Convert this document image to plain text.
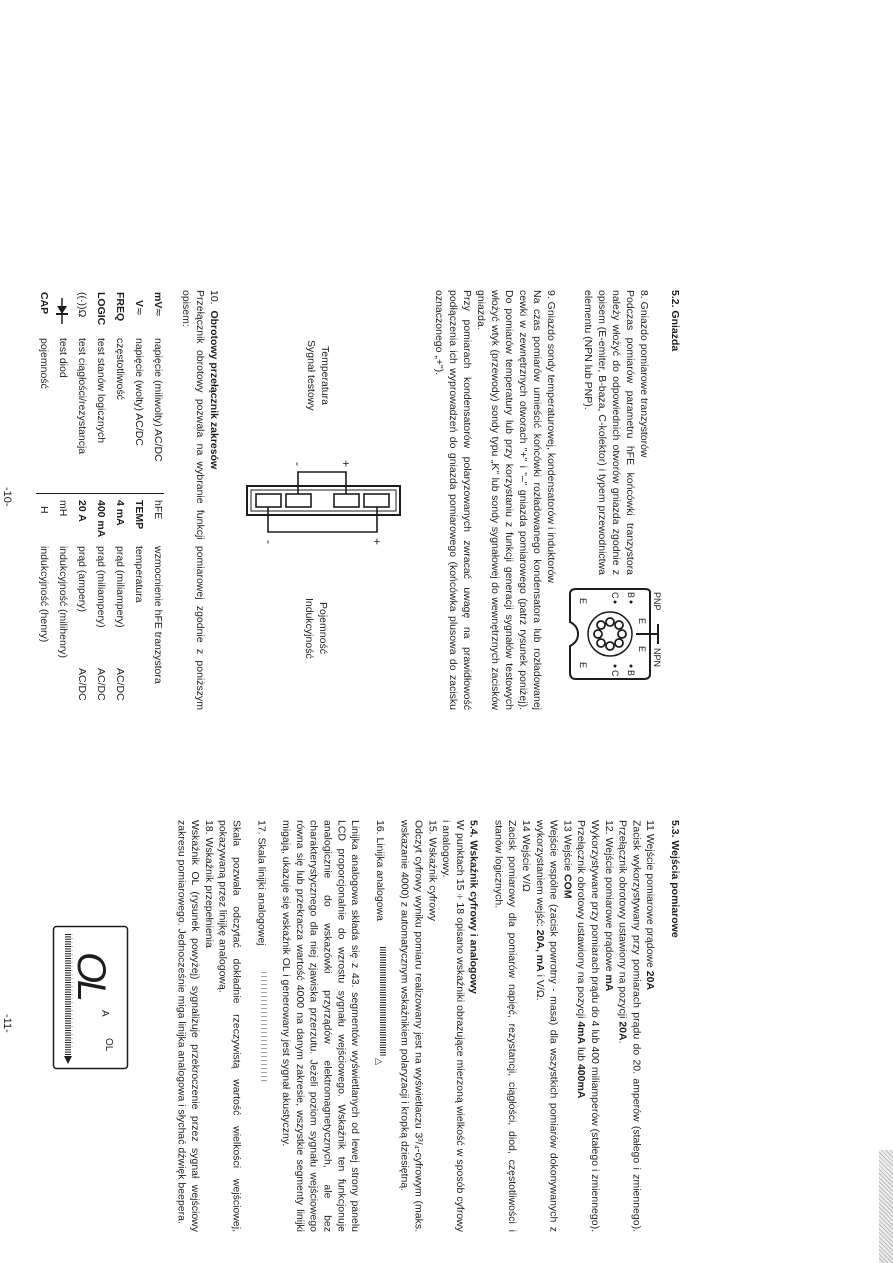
5.2. Gniazda
8. Gniazdo pomiarowe tranzystorów
Podczas pomiarów parametru hFE końcówki tranzystora należy włożyć do odpowiednich otworów gniazda zgodnie z opisem (E-emiter, B-baza, C-kolektor) i typem przewodnictwa elementu (NPN lub PNP).
9. Gniazdo sondy temperaturowej, kondensatorów i induktorów
Na czas pomiarów umieścić końcówki rozładowanego kondensatora lub rozładowanej cewki w zewnętrznych otworach "+" i "–" gniazda pomiarowego (patrz rysunek poniżej). Do pomiarów temperatury lub przy korzystaniu z funkcji generacji sygnałów testowych włożyć wtyk (przewody) sondy typu „K" lub sondy sygnałowej do wewnętrznych zacisków gniazda.
Przy pomiarach kondensatorów polaryzowanych zwracać uwagę na prawidłowość podłączenia ich wyprowadzeń do gniazda pomiarowego (końcówka plusowa do zacisku oznaczonego „+").
PNP
NPN
E
E
B
C
B
C
E
E
Temperatura
Sygnał testowy
Pojemność
Indukcyjność
-	+
-	+
10.  Obrotowy przełącznik zakresów
Przełącznik obrotowy pozwala na wybranie funkcji pomiarowej zgodnie z poniższym opisem:
mV≂
napięcie (miliwolty) AC/DC
V≂
napięcie (wolty) AC/DC
FREQ
częstotliwość
LOGIC
test stanów logicznych
((·))Ω
test ciągłości/rezystancja
test diod
CAP
pojemność
hFE
wzmocnienie hFE tranzystora
TEMP
temperatura
4 mA
prąd (miliampery)
AC/DC
400 mA
prąd (miliampery)
AC/DC
20 A
prąd (ampery)
AC/DC
mH
indukcyjność (milihenry)
H
indukcyjność (henry)
-10-
5.3. Wejścia pomiarowe
11 Wejście pomiarowe prądowe 20A
Zacisk wykorzystywany przy pomiarach prądu do 20. amperów (stałego i zmiennego). Przełącznik obrotowy ustawiony na pozycji 20A.
12. Wejście pomiarowe prądowe mA
Wykorzystywane przy pomiarach prądu do 4 lub 400 miliamperów (stałego i zmiennego). Przełącznik obrotowy ustawiony na pozycji 4mA lub 400mA
13 Wejście COM
Wejście wspólne (zacisk powrotny - masa) dla wszystkich pomiarów dokonywanych z wykorzystaniem wejść: 20A, mA i V/Ω.
14 Wejście V/Ω
Zacisk pomiarowy dla pomiarów napięć, rezystancji, ciągłości, diod, częstotliwości i stanów logicznych.
5.4. Wskaźnik cyfrowy i analogowy
W punktach 15÷18 opisano wskaźniki obrazujące mierzoną wielkość w sposób cyfrowy i analogowy.
15. Wskaźnik cyfrowy
Odczyt cyfrowy wyniku pomiaru realizowany jest na wyświetlaczu 3³/₄-cyfrowym (maks. wskazanie 4000) z automatycznym wskaźnikiem polaryzacji i kropką dziesiętną.
16. Linijka analogowa▷
Linijka analogowa składa się z 43. segmentów wyświetlanych od lewej strony panelu LCD proporcjonalnie do wzrostu sygnału wejściowego. Wskaźnik ten funkcjonuje analogicznie do wskazówki przyrządów elektromagnetycznych, ale bez charakterystycznego dla niej zjawiska przerzutu. Jeżeli poziom sygnału wejściowego równa się lub przekracza wartość 4000 na danym zakresie, wszystkie segmenty linijki migają, ukazuje się wskaźnik OL i generowany jest sygnał akustyczny.
17. Skala linijki analogowej
Skala pozwala odczytać dokładnie rzeczywistą wartość wielkości wejściowej, pokazywaną przez linijkę analogową.
18. Wskaźnik przepełnienia
Wskaźnik OL (rysunek powyżej) sygnalizuje przekroczenie przez sygnał wejściowy zakresu pomiarowego. Jednocześnie miga linijka analogowa i słychać dźwięk beepera.
OL
A
OL
-11-
